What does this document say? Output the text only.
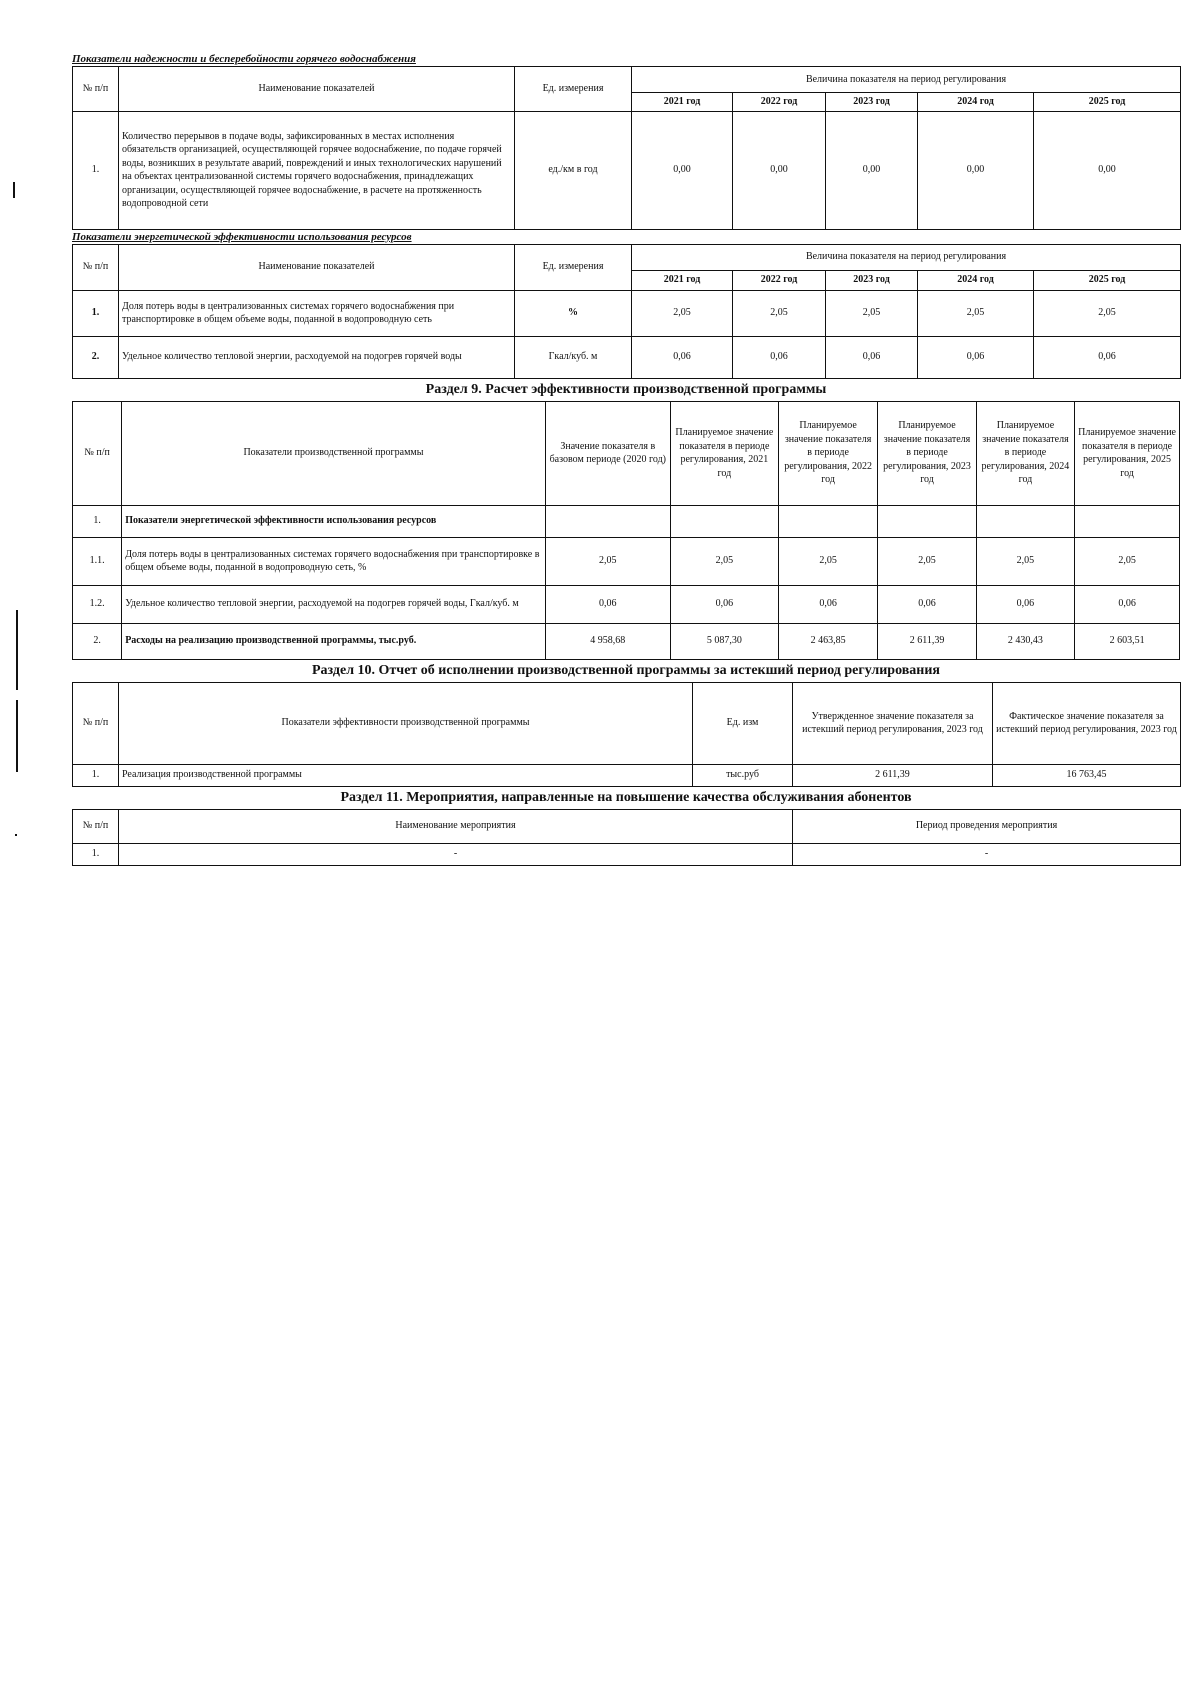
Показатели надежности и бесперебойности горячего водоснабжения
№ п/п	Наименование показателей	Ед. измерения	Величина показателя на период регулирования				
			2021 год	2022 год	2023 год	2024 год	2025 год
1.	Количество перерывов в подаче воды, зафиксированных в местах исполнения обязательств организацией, осуществляющей горячее водоснабжение, по подаче горячей воды, возникших в результате аварий, повреждений и иных технологических нарушений на объектах централизованной системы горячего водоснабжения, принадлежащих организации, осуществляющей горячее водоснабжение, в расчете на протяженность водопроводной сети	ед./км в год	0,00	0,00	0,00	0,00	0,00
Показатели энергетической эффективности использования ресурсов
№ п/п	Наименование показателей	Ед. измерения	Величина показателя на период регулирования				
			2021 год	2022 год	2023 год	2024 год	2025 год
1.	Доля потерь воды в централизованных системах горячего водоснабжения при транспортировке в общем объеме воды, поданной в водопроводную сеть	%	2,05	2,05	2,05	2,05	2,05
2.	Удельное количество тепловой энергии, расходуемой на подогрев горячей воды	Гкал/куб. м	0,06	0,06	0,06	0,06	0,06
Раздел 9. Расчет эффективности производственной программы
№ п/п	Показатели производственной программы	Значение показателя в базовом периоде (2020 год)	Планируемое значение показателя в периоде регулирования, 2021 год	Планируемое значение показателя в периоде регулирования, 2022 год	Планируемое значение показателя в периоде регулирования, 2023 год	Планируемое значение показателя в периоде регулирования, 2024 год	Планируемое значение показателя в периоде регулирования, 2025 год
1.	Показатели энергетической эффективности использования ресурсов						
1.1.	Доля потерь воды в централизованных системах горячего водоснабжения при транспортировке в общем объеме воды, поданной в водопроводную сеть, %	2,05	2,05	2,05	2,05	2,05	2,05
1.2.	Удельное количество тепловой энергии, расходуемой на подогрев горячей воды, Гкал/куб. м	0,06	0,06	0,06	0,06	0,06	0,06
2.	Расходы на реализацию производственной программы, тыс.руб.	4 958,68	5 087,30	2 463,85	2 611,39	2 430,43	2 603,51
Раздел 10. Отчет об исполнении производственной программы за истекший период регулирования
№ п/п	Показатели эффективности производственной программы	Ед. изм	Утвержденное значение показателя за истекший период регулирования, 2023 год	Фактическое значение показателя за истекший период регулирования, 2023 год
1.	Реализация производственной программы	тыс.руб	2 611,39	16 763,45
Раздел 11. Мероприятия, направленные на повышение качества обслуживания абонентов
№ п/п	Наименование мероприятия	Период проведения мероприятия
1.	-	-
